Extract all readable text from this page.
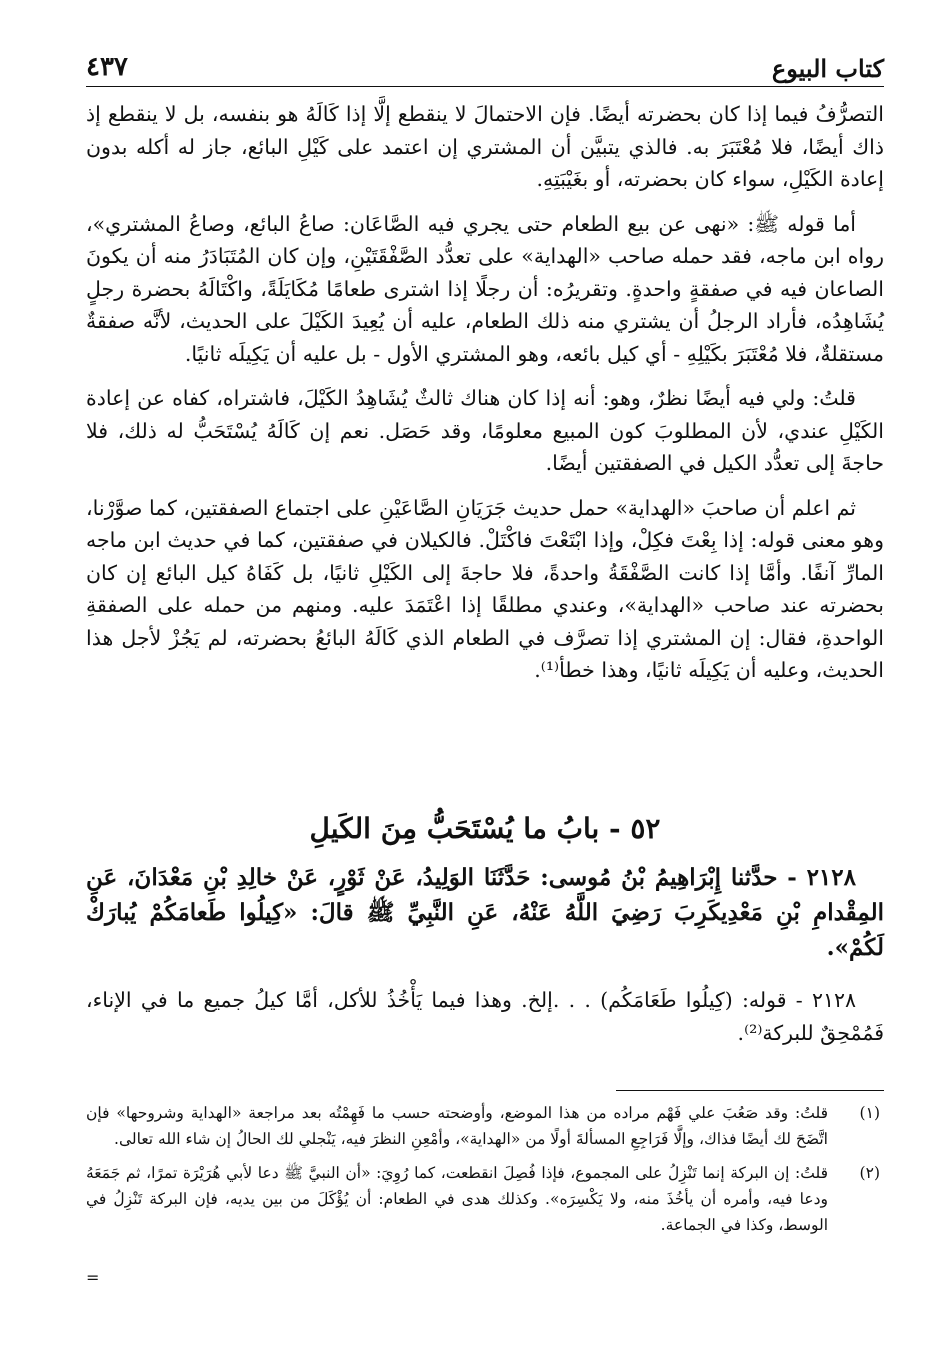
كتاب البيوع
٤٣٧

التصرُّفُ فيما إذا كان بحضرته أيضًا. فإن الاحتمالَ لا ينقطع إلَّا إذا كَالَهُ هو بنفسه، بل لا ينقطع إذ ذاك أيضًا، فلا مُعْتَبَرَ به. فالذي يتبيَّن أن المشتري إن اعتمد على كَيْلِ البائع، جاز له أكله بدون إعادة الكَيْلِ، سواء كان بحضرته، أو بغَيْبَتِهِ.

أما قوله ﷺ: «نهى عن بيع الطعام حتى يجري فيه الصَّاعَان: صاعُ البائع، وصاعُ المشتري»، رواه ابن ماجه، فقد حمله صاحب «الهداية» على تعدُّد الصَّفْقَتَيْنِ، وإن كان المُتَبَادَرُ منه أن يكونَ الصاعان فيه في صفقةٍ واحدةٍ. وتقريرُه: أن رجلًا إذا اشترى طعامًا مُكَايَلَةً، واكْتَالَهُ بحضرة رجلٍ يُشَاهِدُه، فأراد الرجلُ أن يشتري منه ذلك الطعام، عليه أن يُعِيدَ الكَيْلَ على الحديث، لأنَّه صفقةٌ مستقلةٌ، فلا مُعْتَبَرَ بكَيْلِهِ - أي كيل بائعه، وهو المشتري الأول - بل عليه أن يَكِيلَه ثانيًا.

قلتُ: ولي فيه أيضًا نظرٌ، وهو: أنه إذا كان هناك ثالثٌ يُشَاهِدُ الكَيْلَ، فاشتراه، كفاه عن إعادة الكَيْلِ عندي، لأن المطلوبَ كون المبيع معلومًا، وقد حَصَل. نعم إن كَالَهُ يُسْتَحَبُّ له ذلك، فلا حاجةَ إلى تعدُّد الكيل في الصفقتين أيضًا.

ثم اعلم أن صاحبَ «الهداية» حمل حديث جَرَيَانِ الصَّاعَيْنِ على اجتماع الصفقتين، كما صوَّرْنا، وهو معنى قوله: إذا بِعْتَ فكِلْ، وإذا ابْتَعْتَ فاكْتَلْ. فالكيلان في صفقتين، كما في حديث ابن ماجه المارِّ آنفًا. وأمَّا إذا كانت الصَّفْقَةُ واحدةً، فلا حاجةَ إلى الكَيْلِ ثانيًا، بل كَفَاهُ كيل البائع إن كان بحضرته عند صاحب «الهداية»، وعندي مطلقًا إذا اعْتَمَدَ عليه. ومنهم من حمله على الصفقةِ الواحدةِ، فقال: إن المشتري إذا تصرَّف في الطعام الذي كَالَهُ البائعُ بحضرته، لم يَجُزْ لأجل هذا الحديث، وعليه أن يَكِيلَه ثانيًا، وهذا خطأ⁽¹⁾.

٥٢ - بابُ ما يُسْتَحَبُّ مِنَ الكَيلِ
٢١٢٨ - حدَّثنا إِبْرَاهِيمُ بْنُ مُوسى: حَدَّثَنَا الوَلِيدُ، عَنْ ثَوْرٍ، عَنْ خالِدِ بْنِ مَعْدَانَ، عَنِ المِقْدامِ بْنِ مَعْدِيكَرِبَ رَضِيَ اللَّهُ عَنْهُ، عَنِ النَّبِيِّ ﷺ قالَ: «كِيلُوا طَعامَكُمْ يُبارَكْ لَكُمْ».
٢١٢٨ - قوله: (كِيلُوا طَعَامَكُم) . . .إلخ. وهذا فيما يَأْخُذُ للأكل، أمَّا كيلُ جميع ما في الإناء، فَمُمْحِقٌ للبركة⁽²⁾.
(١)
قلتُ: وقد صَعُبَ علي فَهْم مراده من هذا الموضع، وأوضحته حسب ما فَهِمْتُه بعد مراجعة «الهداية وشروحها» فإن اتَّضَحَ لك أيضًا فذاك، وإلَّا فَرَاجِعِ المسألةَ أولًا من «الهداية»، وأمْعِنِ النظرَ فيه، يَنْجلي لك الحالُ إن شاء الله تعالى.
(٢)
قلتُ: إن البركة إنما تَنْزِلُ على المجموع، فإذا فُصِلَ انقطعت، كما رُوِيَ: «أن النبيَّ ﷺ دعا لأبي هُرَيْرَة تمرًا، ثم جَمَعَهُ ودعا فيه، وأمره أن يأخُذَ منه، ولا يَكْسِرَه». وكذلك هدى في الطعام: أن يُؤْكَلَ من بين يديه، فإن البركة تَنْزِلُ في الوسط، وكذا في الجماعة.
=
